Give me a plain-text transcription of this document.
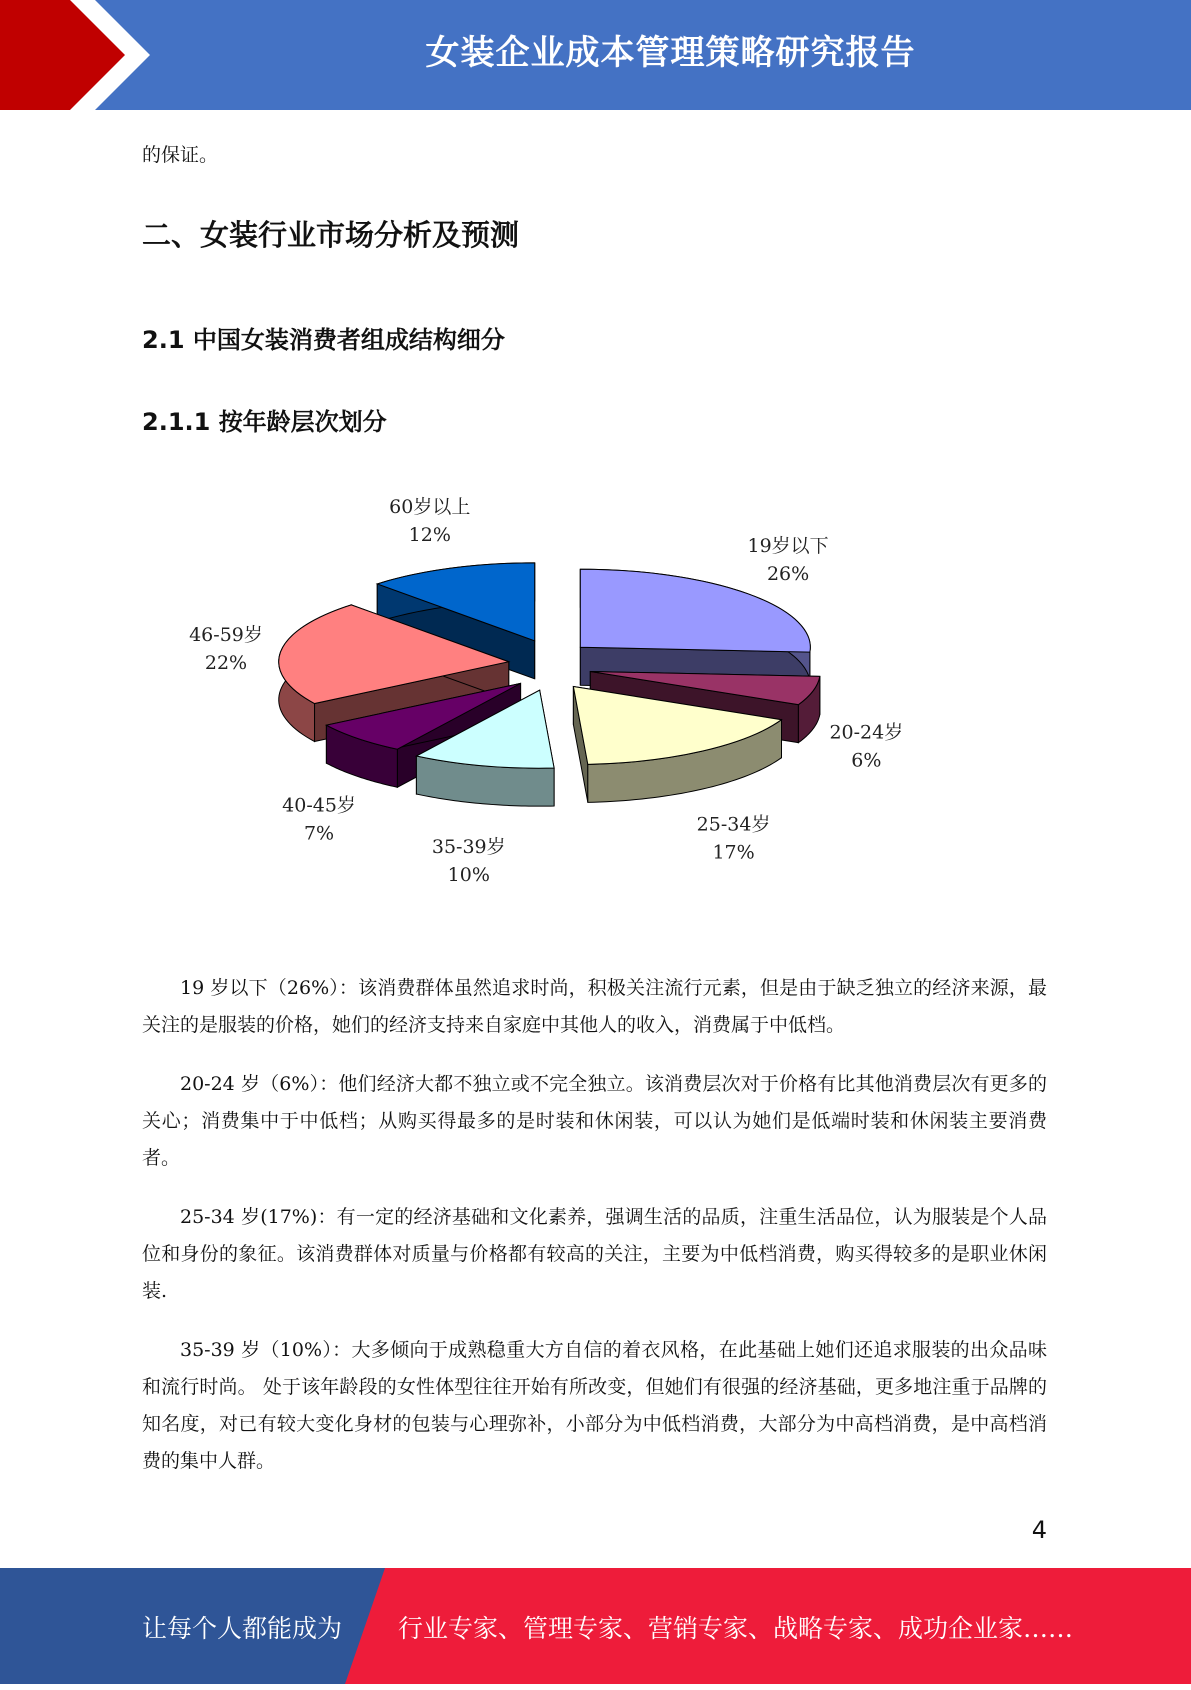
女装企业成本管理策略研究报告
的保证。
二、女装行业市场分析及预测
2.1 中国女装消费者组成结构细分
2.1.1 按年龄层次划分
19岁以下
26%
20-24岁
6%
25-34岁
17%
35-39岁
10%
40-45岁
7%
46-59岁
22%
60岁以上
12%

19 岁以下（26%）：该消费群体虽然追求时尚，积极关注流行元素，但是由于缺乏独立的经济来源，最关注的是服装的价格，她们的经济支持来自家庭中其他人的收入，消费属于中低档。

20-24 岁（6%）：他们经济大都不独立或不完全独立。该消费层次对于价格有比其他消费层次有更多的关心；消费集中于中低档；从购买得最多的是时装和休闲装，可以认为她们是低端时装和休闲装主要消费者。

25-34 岁(17%)：有一定的经济基础和文化素养，强调生活的品质，注重生活品位，认为服装是个人品位和身份的象征。该消费群体对质量与价格都有较高的关注，主要为中低档消费，购买得较多的是职业休闲装.

35-39 岁（10%）：大多倾向于成熟稳重大方自信的着衣风格，在此基础上她们还追求服装的出众品味和流行时尚。 处于该年龄段的女性体型往往开始有所改变，但她们有很强的经济基础，更多地注重于品牌的知名度，对已有较大变化身材的包装与心理弥补，小部分为中低档消费，大部分为中高档消费，是中高档消费的集中人群。

4
让每个人都能成为 行业专家、管理专家、营销专家、战略专家、成功企业家……
